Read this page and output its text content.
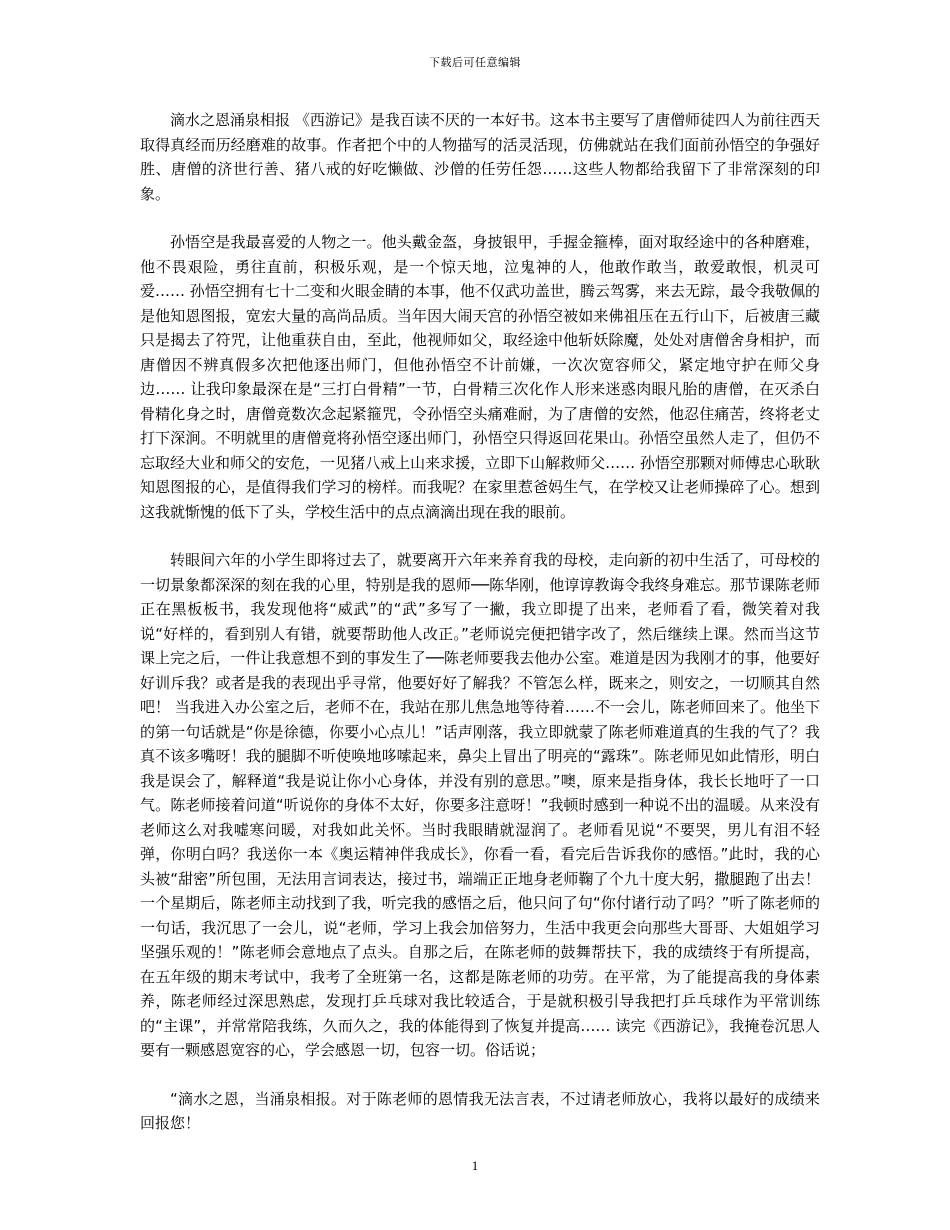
下载后可任意编辑

滴水之恩涌泉相报 《西游记》是我百读不厌的一本好书。这本书主要写了唐僧师徒四人为前往西天取得真经而历经磨难的故事。作者把个中的人物描写的活灵活现，仿佛就站在我们面前孙悟空的争强好胜、唐僧的济世行善、猪八戒的好吃懒做、沙僧的任劳任怨……这些人物都给我留下了非常深刻的印象。

孙悟空是我最喜爱的人物之一。他头戴金盔，身披银甲，手握金箍棒，面对取经途中的各种磨难，他不畏艰险，勇往直前，积极乐观，是一个惊天地，泣鬼神的人，他敢作敢当，敢爱敢恨，机灵可爱…… 孙悟空拥有七十二变和火眼金睛的本事，他不仅武功盖世，腾云驾雾，来去无踪，最令我敬佩的是他知恩图报，宽宏大量的高尚品质。当年因大闹天宫的孙悟空被如来佛祖压在五行山下，后被唐三藏只是揭去了符咒，让他重获自由，至此，他视师如父，取经途中他斩妖除魔，处处对唐僧舍身相护，而唐僧因不辨真假多次把他逐出师门，但他孙悟空不计前嫌，一次次宽容师父，紧定地守护在师父身边…… 让我印象最深在是“三打白骨精”一节，白骨精三次化作人形来迷惑肉眼凡胎的唐僧，在灭杀白骨精化身之时，唐僧竟数次念起紧箍咒，令孙悟空头痛难耐，为了唐僧的安然，他忍住痛苦，终将老丈打下深涧。不明就里的唐僧竟将孙悟空逐出师门，孙悟空只得返回花果山。孙悟空虽然人走了，但仍不忘取经大业和师父的安危，一见猪八戒上山来求援，立即下山解救师父…… 孙悟空那颗对师傅忠心耿耿知恩图报的心，是值得我们学习的榜样。而我呢？在家里惹爸妈生气，在学校又让老师操碎了心。想到这我就惭愧的低下了头，学校生活中的点点滴滴出现在我的眼前。

转眼间六年的小学生即将过去了，就要离开六年来养育我的母校，走向新的初中生活了，可母校的一切景象都深深的刻在我的心里，特别是我的恩师──陈华刚，他谆谆教诲令我终身难忘。那节课陈老师正在黑板板书，我发现他将“威武”的“武”多写了一撇，我立即提了出来，老师看了看，微笑着对我说“好样的，看到别人有错，就要帮助他人改正。”老师说完便把错字改了，然后继续上课。然而当这节课上完之后，一件让我意想不到的事发生了──陈老师要我去他办公室。难道是因为我刚才的事，他要好好训斥我？或者是我的表现出乎寻常，他要好好了解我？不管怎么样，既来之，则安之，一切顺其自然吧！ 当我进入办公室之后，老师不在，我站在那儿焦急地等待着……不一会儿，陈老师回来了。他坐下的第一句话就是“你是徐德，你要小心点儿！”话声刚落，我立即就蒙了陈老师难道真的生我的气了？我真不该多嘴呀！我的腿脚不听使唤地哆嗦起来，鼻尖上冒出了明亮的“露珠”。陈老师见如此情形，明白我是误会了，解释道“我是说让你小心身体，并没有别的意思。”噢，原来是指身体，我长长地吁了一口气。陈老师接着问道“听说你的身体不太好，你要多注意呀！”我顿时感到一种说不出的温暖。从来没有老师这么对我嘘寒问暖，对我如此关怀。当时我眼睛就湿润了。老师看见说“不要哭，男儿有泪不轻弹，你明白吗？我送你一本《奥运精神伴我成长》，你看一看，看完后告诉我你的感悟。”此时，我的心头被“甜密”所包围，无法用言词表达，接过书，端端正正地身老师鞠了个九十度大躬，撒腿跑了出去！ 一个星期后，陈老师主动找到了我，听完我的感悟之后，他只问了句“你付诸行动了吗？”听了陈老师的一句话，我沉思了一会儿，说“老师，学习上我会加倍努力，生活中我更会向那些大哥哥、大姐姐学习坚强乐观的！”陈老师会意地点了点头。自那之后，在陈老师的鼓舞帮扶下，我的成绩终于有所提高，在五年级的期末考试中，我考了全班第一名，这都是陈老师的功劳。在平常，为了能提高我的身体素养，陈老师经过深思熟虑，发现打乒乓球对我比较适合，于是就积极引导我把打乒乓球作为平常训练的“主课”，并常常陪我练，久而久之，我的体能得到了恢复并提高…… 读完《西游记》，我掩卷沉思人要有一颗感恩宽容的心，学会感恩一切，包容一切。俗话说；

“滴水之恩，当涌泉相报。对于陈老师的恩情我无法言表，不过请老师放心，我将以最好的成绩来回报您！

1
